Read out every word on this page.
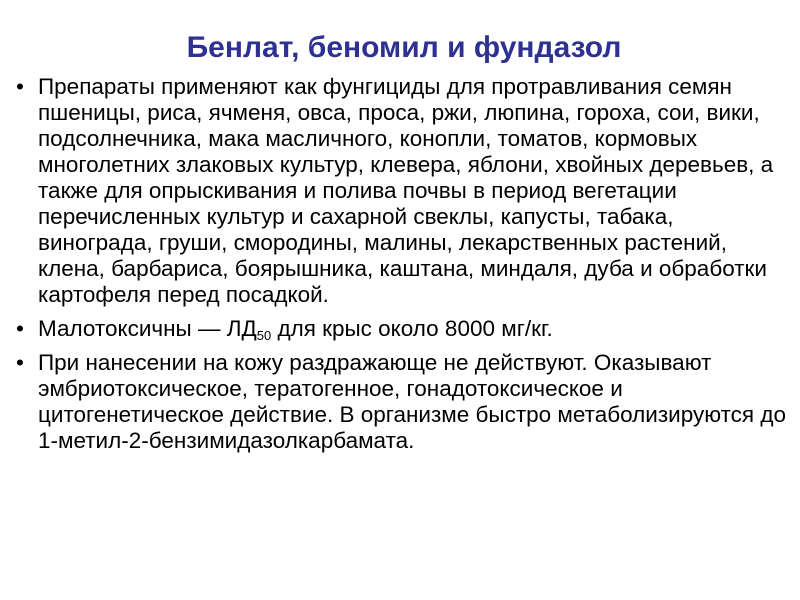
Бенлат, беномил и фундазол
• Препараты применяют как фунгициды для протравливания семян пшеницы, риса, ячменя, овса, проса, ржи, люпина, гороха, сои, вики, подсолнечника, мака масличного, конопли, томатов, кормовых многолетних злаковых культур, клевера, яблони, хвойных деревьев, а также для опрыскивания и полива почвы в период вегетации перечисленных культур и сахарной свеклы, капусты, табака, винограда, груши, смородины, малины, лекарственных растений, клена, барбариса, боярышника, каштана, миндаля, дуба и обработки картофеля перед посадкой.
• Малотоксичны — $ЛД_{50}$ для крыс около 8000 мг/кг.
• При нанесении на кожу раздражающе не действуют. Оказывают эмбриотоксическое, тератогенное, гонадотоксическое и цитогенетическое действие. В организме быстро метаболизируются до 1-метил-2-бензимидазолкарбамата.
